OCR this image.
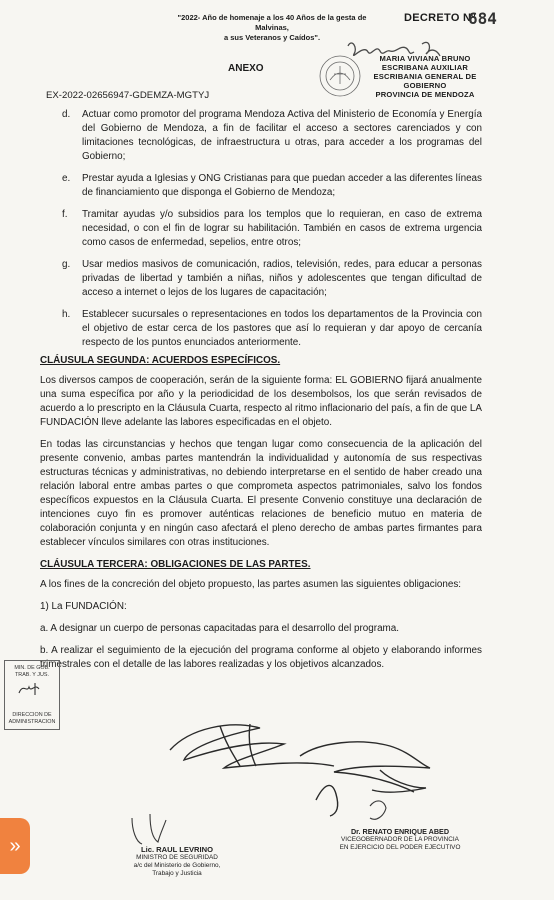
"2022- Año de homenaje a los 40 Años de la gesta de Malvinas,
a sus Veteranos y Caídos".
DECRETO Nº
684
ANEXO
EX-2022-02656947-GDEMZA-MGTYJ
MARIA VIVIANA BRUNO
ESCRIBANA AUXILIAR
ESCRIBANIA GENERAL DE GOBIERNO
PROVINCIA DE MENDOZA
d.	Actuar como promotor del programa Mendoza Activa del Ministerio de Economía y Energía del Gobierno de Mendoza, a fin de facilitar el acceso a sectores carenciados y con limitaciones tecnológicas, de infraestructura u otras, para acceder a los programas del Gobierno;
e.	Prestar ayuda a Iglesias y ONG Cristianas para que puedan acceder a las diferentes líneas de financiamiento que disponga el Gobierno de Mendoza;
f.	Tramitar ayudas y/o subsidios para los templos que lo requieran, en caso de extrema necesidad, o con el fin de lograr su habilitación. También en casos de extrema urgencia como casos de enfermedad, sepelios, entre otros;
g.	Usar medios masivos de comunicación, radios, televisión, redes, para educar a personas privadas de libertad y también a niñas, niños y adolescentes que tengan dificultad de acceso a internet o lejos de los lugares de capacitación;
h.	Establecer sucursales o representaciones en todos los departamentos de la Provincia con el objetivo de estar cerca de los pastores que así lo requieran y dar apoyo de cercanía respecto de los puntos enunciados anteriormente.
CLÁUSULA SEGUNDA: ACUERDOS ESPECÍFICOS.
Los diversos campos de cooperación, serán de la siguiente forma: EL GOBIERNO fijará anualmente una suma específica por año y la periodicidad de los desembolsos, los que serán revisados de acuerdo a lo prescripto en la Cláusula Cuarta, respecto al ritmo inflacionario del país, a fin de que LA FUNDACIÓN lleve adelante las labores especificadas en el objeto.
En todas las circunstancias y hechos que tengan lugar como consecuencia de la aplicación del presente convenio, ambas partes mantendrán la individualidad y autonomía de sus respectivas estructuras técnicas y administrativas, no debiendo interpretarse en el sentido de haber creado una relación laboral entre ambas partes o que comprometa aspectos patrimoniales, salvo los fondos específicos expuestos en la Cláusula Cuarta. El presente Convenio constituye una declaración de intenciones cuyo fin es promover auténticas relaciones de beneficio mutuo en materia de colaboración conjunta y en ningún caso afectará el pleno derecho de ambas partes firmantes para establecer vínculos similares con otras instituciones.
CLÁUSULA TERCERA: OBLIGACIONES DE LAS PARTES.
A los fines de la concreción del objeto propuesto, las partes asumen las siguientes obligaciones:
1) La FUNDACIÓN:
a. A designar un cuerpo de personas capacitadas para el desarrollo del programa.
b. A realizar el seguimiento de la ejecución del programa conforme al objeto y elaborando informes trimestrales con el detalle de las labores realizadas y los objetivos alcanzados.
MIN. DE GOB.
TRAB. Y JUS.
DIRECCION DE
ADMINISTRACION
Lic. RAUL LEVRINO
MINISTRO DE SEGURIDAD
a/c del Ministerio de Gobierno,
Trabajo y Justicia
Dr. RENATO ENRIQUE ABED
VICEGOBERNADOR DE LA PROVINCIA
EN EJERCICIO DEL PODER EJECUTIVO
»
